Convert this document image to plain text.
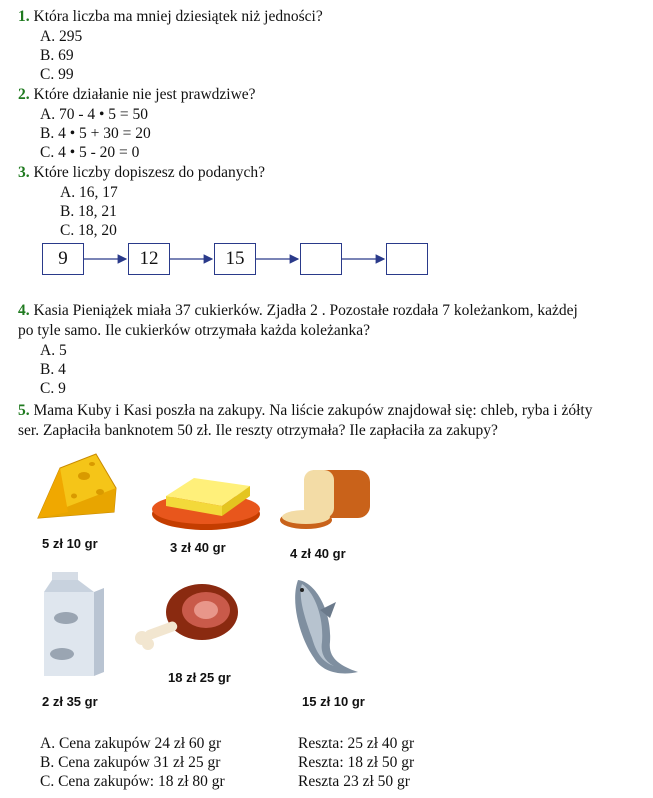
1. Która liczba ma mniej dziesiątek niż jedności?
A. 295
B. 69
C. 99
2. Które działanie nie jest prawdziwe?
A. 70 - 4 • 5 = 50
B. 4 • 5 + 30 = 20
C. 4 • 5 - 20 = 0
3. Które liczby dopiszesz do podanych?
A. 16, 17
B. 18, 21
C. 18, 20
9	12	15
4. Kasia Pieniążek miała 37 cukierków. Zjadła 2 . Pozostałe rozdała 7 koleżankom, każdej
po tyle samo. Ile cukierków otrzymała każda koleżanka?
A. 5
B. 4
C. 9
5. Mama Kuby i Kasi poszła na zakupy. Na liście zakupów znajdował się: chleb, ryba i żółty
ser. Zapłaciła banknotem 50 zł. Ile reszty otrzymała? Ile zapłaciła za zakupy?
5 zł 10 gr	3 zł 40 gr	4 zł 40 gr
2 zł 35 gr
18 zł 25 gr
15 zł 10 gr
A. Cena zakupów 24 zł 60 gr	Reszta: 25 zł 40 gr
B. Cena zakupów 31 zł 25 gr	Reszta: 18 zł 50 gr
C. Cena zakupów: 18 zł 80 gr	Reszta 23 zł 50 gr
